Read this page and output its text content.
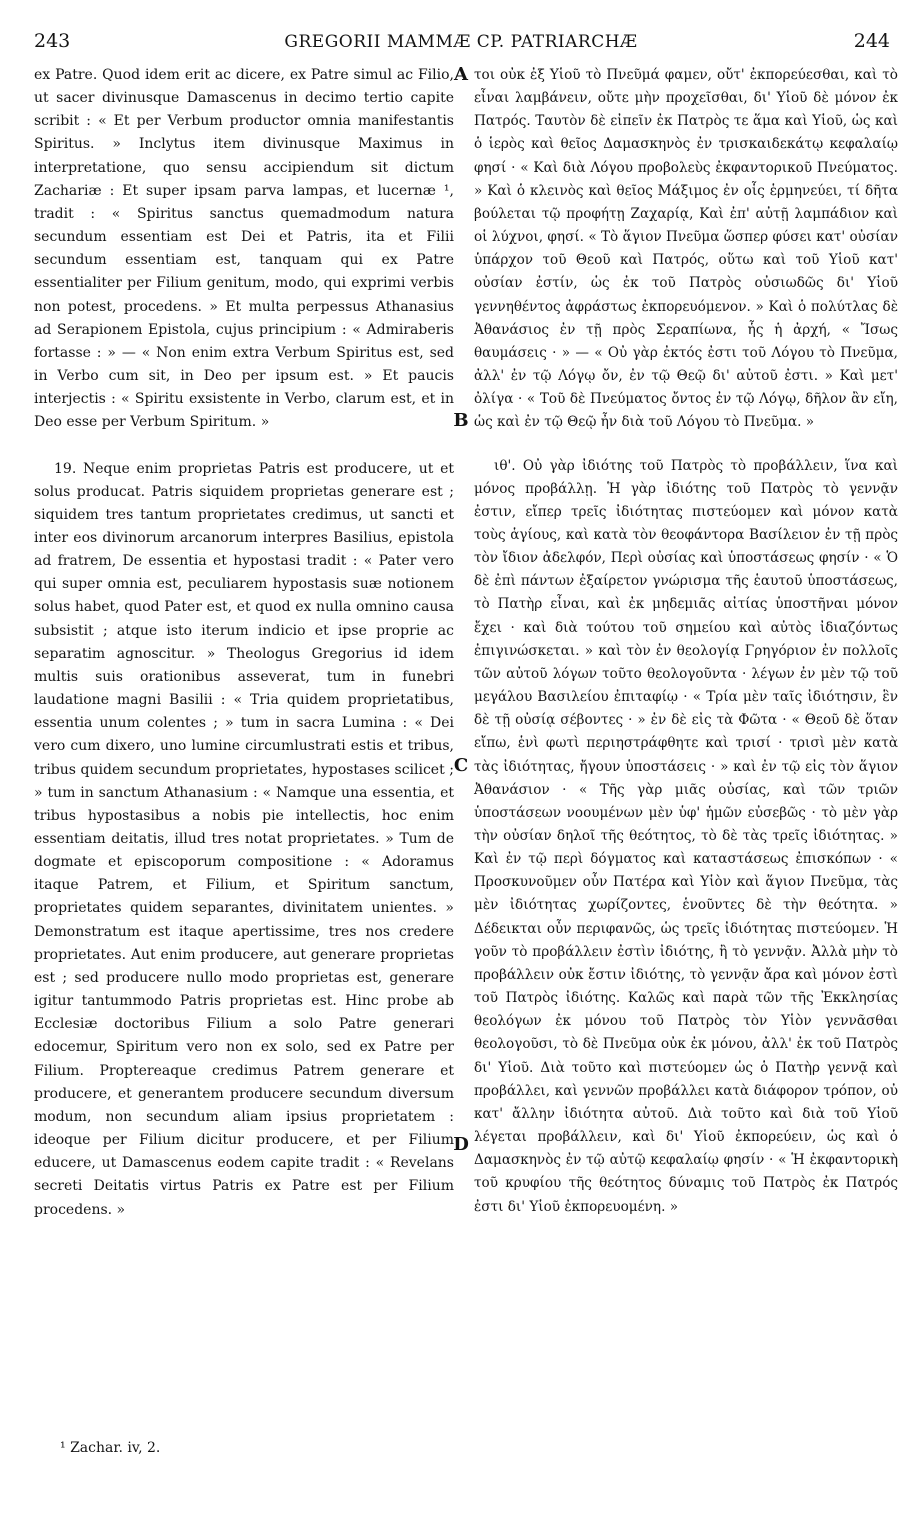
243	GREGORII MAMMÆ CP. PATRIARCHÆ	244

ex Patre. Quod idem erit ac dicere, ex Patre simul ac Filio, ut sacer divinusque Damascenus in decimo tertio capite scribit : « Et per Verbum productor omnia manifestantis Spiritus. » Inclytus item divinusque Maximus in interpretatione, quo sensu accipiendum sit dictum Zachariæ : Et super ipsam parva lampas, et lucernæ ¹, tradit : « Spiritus sanctus quemadmodum natura secundum essentiam est Dei et Patris, ita et Filii secundum essentiam est, tanquam qui ex Patre essentialiter per Filium genitum, modo, qui exprimi verbis non potest, procedens. » Et multa perpessus Athanasius ad Serapionem Epistola, cujus principium : « Admiraberis fortasse : » — « Non enim extra Verbum Spiritus est, sed in Verbo cum sit, in Deo per ipsum est. » Et paucis interjectis : « Spiritu exsistente in Verbo, clarum est, et in Deo esse per Verbum Spiritum. »

19. Neque enim proprietas Patris est producere, ut et solus producat. Patris siquidem proprietas generare est ; siquidem tres tantum proprietates credimus, ut sancti et inter eos divinorum arcanorum interpres Basilius, epistola ad fratrem, De essentia et hypostasi tradit : « Pater vero qui super omnia est, peculiarem hypostasis suæ notionem solus habet, quod Pater est, et quod ex nulla omnino causa subsistit ; atque isto iterum indicio et ipse proprie ac separatim agnoscitur. » Theologus Gregorius id idem multis suis orationibus asseverat, tum in funebri laudatione magni Basilii : « Tria quidem proprietatibus, essentia unum colentes ; » tum in sacra Lumina : « Dei vero cum dixero, uno lumine circumlustrati estis et tribus, tribus quidem secundum proprietates, hypostases scilicet ; » tum in sanctum Athanasium : « Namque una essentia, et tribus hypostasibus a nobis pie intellectis, hoc enim essentiam deitatis, illud tres notat proprietates. » Tum de dogmate et episcoporum compositione : « Adoramus itaque Patrem, et Filium, et Spiritum sanctum, proprietates quidem separantes, divinitatem unientes. » Demonstratum est itaque apertissime, tres nos credere proprietates. Aut enim producere, aut generare proprietas est ; sed producere nullo modo proprietas est, generare igitur tantummodo Patris proprietas est. Hinc probe ab Ecclesiæ doctoribus Filium a solo Patre generari edocemur, Spiritum vero non ex solo, sed ex Patre per Filium. Proptereaque credimus Patrem generare et producere, et generantem producere secundum diversum modum, non secundum aliam ipsius proprietatem : ideoque per Filium dicitur producere, et per Filium educere, ut Damascenus eodem capite tradit : « Revelans secreti Deitatis virtus Patris ex Patre est per Filium procedens. »

A
B
C
D

τοι οὐκ ἐξ Υἱοῦ τὸ Πνεῦμά φαμεν, οὔτ' ἐκπορεύεσθαι, καὶ τὸ εἶναι λαμβάνειν, οὔτε μὴν προχεῖσθαι, δι' Υἱοῦ δὲ μόνον ἐκ Πατρός. Ταυτὸν δὲ εἰπεῖν ἐκ Πατρὸς τε ἅμα καὶ Υἱοῦ, ὡς καὶ ὁ ἱερὸς καὶ θεῖος Δαμασκηνὸς ἐν τρισκαιδεκάτῳ κεφαλαίῳ φησί · « Καὶ διὰ Λόγου προβολεὺς ἐκφαντορικοῦ Πνεύματος. » Καὶ ὁ κλεινὸς καὶ θεῖος Μάξιμος ἐν οἷς ἑρμηνεύει, τί δῆτα βούλεται τῷ προφήτῃ Ζαχαρίᾳ, Καὶ ἐπ' αὐτῇ λαμπάδιον καὶ οἱ λύχνοι, φησί. « Τὸ ἅγιον Πνεῦμα ὥσπερ φύσει κατ' οὐσίαν ὑπάρχον τοῦ Θεοῦ καὶ Πατρός, οὕτω καὶ τοῦ Υἱοῦ κατ' οὐσίαν ἐστίν, ὡς ἐκ τοῦ Πατρὸς οὐσιωδῶς δι' Υἱοῦ γεννηθέντος ἀφράστως ἐκπορευόμενον. » Καὶ ὁ πολύτλας δὲ Ἀθανάσιος ἐν τῇ πρὸς Σεραπίωνα, ἧς ἡ ἀρχή, « Ἴσως θαυμάσεις · » — « Οὐ γὰρ ἐκτός ἐστι τοῦ Λόγου τὸ Πνεῦμα, ἀλλ' ἐν τῷ Λόγῳ ὄν, ἐν τῷ Θεῷ δι' αὐτοῦ ἐστι. » Καὶ μετ' ὀλίγα · « Τοῦ δὲ Πνεύματος ὄντος ἐν τῷ Λόγῳ, δῆλον ἂν εἴη, ὡς καὶ ἐν τῷ Θεῷ ἦν διὰ τοῦ Λόγου τὸ Πνεῦμα. »

ιθ'. Οὐ γὰρ ἰδιότης τοῦ Πατρὸς τὸ προβάλλειν, ἵνα καὶ μόνος προβάλλῃ. Ἡ γὰρ ἰδιότης τοῦ Πατρὸς τὸ γεννᾷν ἐστιν, εἴπερ τρεῖς ἰδιότητας πιστεύομεν καὶ μόνον κατὰ τοὺς ἁγίους, καὶ κατὰ τὸν θεοφάντορα Βασίλειον ἐν τῇ πρὸς τὸν ἴδιον ἀδελφόν, Περὶ οὐσίας καὶ ὑποστάσεως φησίν · « Ὁ δὲ ἐπὶ πάντων ἐξαίρετον γνώρισμα τῆς ἑαυτοῦ ὑποστάσεως, τὸ Πατὴρ εἶναι, καὶ ἐκ μηδεμιᾶς αἰτίας ὑποστῆναι μόνον ἔχει · καὶ διὰ τούτου τοῦ σημείου καὶ αὐτὸς ἰδιαζόντως ἐπιγινώσκεται. » καὶ τὸν ἐν θεολογίᾳ Γρηγόριον ἐν πολλοῖς τῶν αὐτοῦ λόγων τοῦτο θεολογοῦντα · λέγων ἐν μὲν τῷ τοῦ μεγάλου Βασιλείου ἐπιταφίῳ · « Τρία μὲν ταῖς ἰδιότησιν, ἓν δὲ τῇ οὐσίᾳ σέβοντες · » ἐν δὲ εἰς τὰ Φῶτα · « Θεοῦ δὲ ὅταν εἴπω, ἑνὶ φωτὶ περιηστράφθητε καὶ τρισί · τρισὶ μὲν κατὰ τὰς ἰδιότητας, ἤγουν ὑποστάσεις · » καὶ ἐν τῷ εἰς τὸν ἅγιον Ἀθανάσιον · « Τῆς γὰρ μιᾶς οὐσίας, καὶ τῶν τριῶν ὑποστάσεων νοουμένων μὲν ὑφ' ἡμῶν εὐσεβῶς · τὸ μὲν γὰρ τὴν οὐσίαν δηλοῖ τῆς θεότητος, τὸ δὲ τὰς τρεῖς ἰδιότητας. » Καὶ ἐν τῷ περὶ δόγματος καὶ καταστάσεως ἐπισκόπων · « Προσκυνοῦμεν οὖν Πατέρα καὶ Υἱὸν καὶ ἅγιον Πνεῦμα, τὰς μὲν ἰδιότητας χωρίζοντες, ἑνοῦντες δὲ τὴν θεότητα. » Δέδεικται οὖν περιφανῶς, ὡς τρεῖς ἰδιότητας πιστεύομεν. Ἡ γοῦν τὸ προβάλλειν ἐστὶν ἰδιότης, ἢ τὸ γεννᾷν. Ἀλλὰ μὴν τὸ προβάλλειν οὐκ ἔστιν ἰδιότης, τὸ γεννᾷν ἄρα καὶ μόνον ἐστὶ τοῦ Πατρὸς ἰδιότης. Καλῶς καὶ παρὰ τῶν τῆς Ἐκκλησίας θεολόγων ἐκ μόνου τοῦ Πατρὸς τὸν Υἱὸν γεννᾶσθαι θεολογοῦσι, τὸ δὲ Πνεῦμα οὐκ ἐκ μόνου, ἀλλ' ἐκ τοῦ Πατρὸς δι' Υἱοῦ. Διὰ τοῦτο καὶ πιστεύομεν ὡς ὁ Πατὴρ γεννᾷ καὶ προβάλλει, καὶ γεννῶν προβάλλει κατὰ διάφορον τρόπον, οὐ κατ' ἄλλην ἰδιότητα αὐτοῦ. Διὰ τοῦτο καὶ διὰ τοῦ Υἱοῦ λέγεται προβάλλειν, καὶ δι' Υἱοῦ ἐκπορεύειν, ὡς καὶ ὁ Δαμασκηνὸς ἐν τῷ αὐτῷ κεφαλαίῳ φησίν · « Ἡ ἐκφαντορικὴ τοῦ κρυφίου τῆς θεότητος δύναμις τοῦ Πατρὸς ἐκ Πατρός ἐστι δι' Υἱοῦ ἐκπορευομένη. »

¹ Zachar. iv, 2.
